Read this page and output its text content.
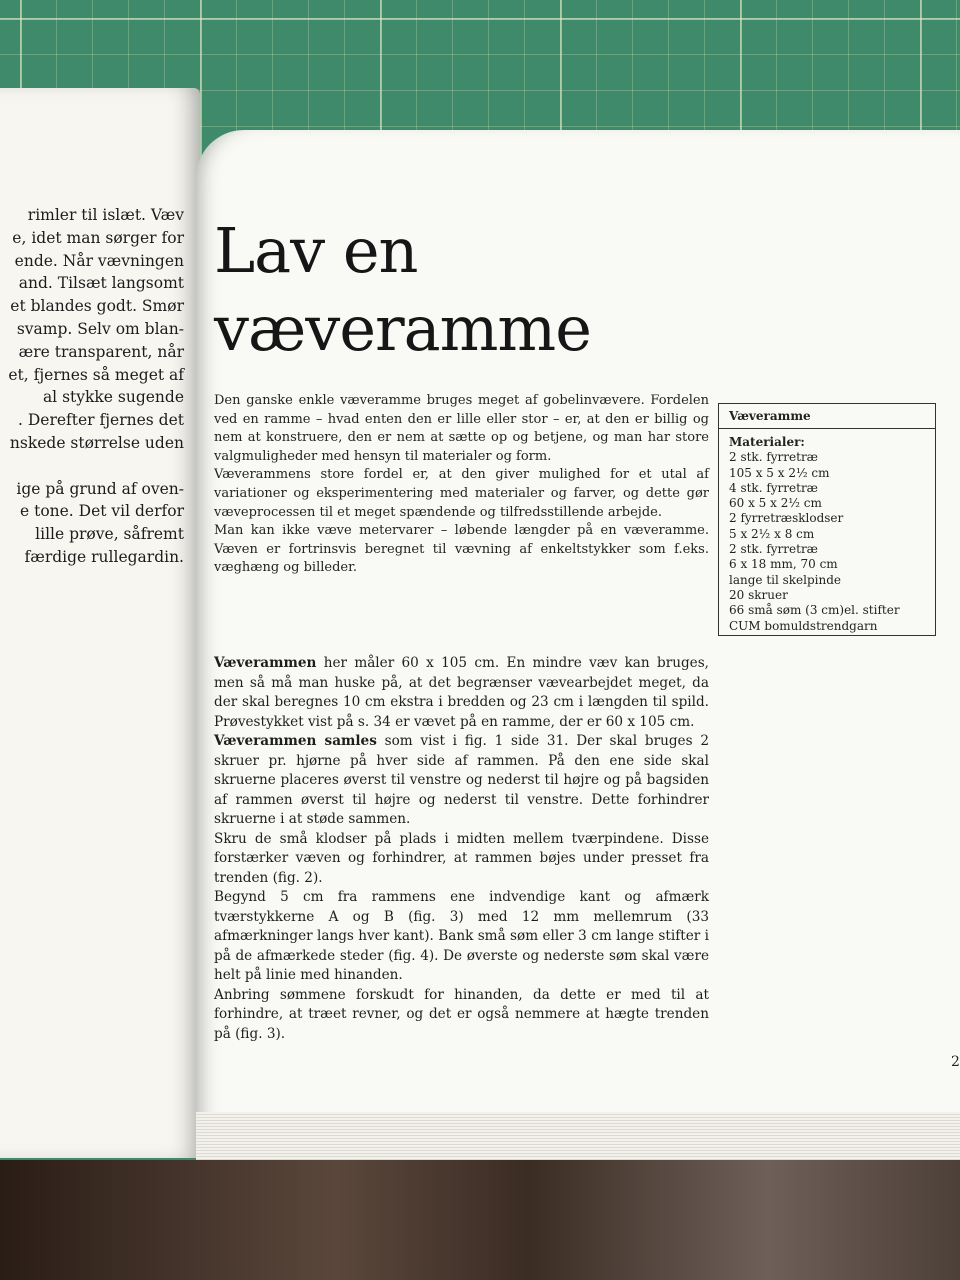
rimler til islæt. Væv
e, idet man sørger for
ende. Når vævningen
and. Tilsæt langsomt
et blandes godt. Smør
svamp. Selv om blan-
ære transparent, når
et, fjernes så meget af
al stykke sugende
. Derefter fjernes det
nskede størrelse uden

ige på grund af oven-
e tone. Det vil derfor
lille prøve, såfremt
færdige rullegardin.
Lav en
væveramme

Den ganske enkle væveramme bruges meget af gobelinvævere. Fordelen ved en ramme – hvad enten den er lille eller stor – er, at den er billig og nem at konstruere, den er nem at sætte op og betjene, og man har store valgmuligheder med hensyn til materialer og form.

Væverammens store fordel er, at den giver mulighed for et utal af variationer og eksperimentering med materialer og farver, og dette gør væveprocessen til et meget spændende og tilfredsstillende arbejde.

Man kan ikke væve metervarer – løbende længder på en væveramme. Væven er fortrinsvis beregnet til vævning af enkeltstykker som f.eks. væghæng og billeder.

Væveramme
Materialer:
2 stk. fyrretræ
105 x 5 x 2½ cm
4 stk. fyrretræ
60 x 5 x 2½ cm
2 fyrretræsklodser
5 x 2½ x 8 cm
2 stk. fyrretræ
6 x 18 mm, 70 cm
lange til skelpinde
20 skruer
66 små søm (3 cm)el. stifter
CUM bomuldstrendgarn

Væverammen her måler 60 x 105 cm. En mindre væv kan bruges, men så må man huske på, at det begrænser vævearbejdet meget, da der skal beregnes 10 cm ekstra i bredden og 23 cm i længden til spild. Prøvestykket vist på s. 34 er vævet på en ramme, der er 60 x 105 cm.

Væverammen samles som vist i fig. 1 side 31. Der skal bruges 2 skruer pr. hjørne på hver side af rammen. På den ene side skal skruerne placeres øverst til venstre og nederst til højre og på bagsiden af rammen øverst til højre og nederst til venstre. Dette forhindrer skruerne i at støde sammen.

Skru de små klodser på plads i midten mellem tværpindene. Disse forstærker væven og forhindrer, at rammen bøjes under presset fra trenden (fig. 2).

Begynd 5 cm fra rammens ene indvendige kant og afmærk tværstykkerne A og B (fig. 3) med 12 mm mellemrum (33 afmærkninger langs hver kant). Bank små søm eller 3 cm lange stifter i på de afmærkede steder (fig. 4). De øverste og nederste søm skal være helt på linie med hinanden.

Anbring sømmene forskudt for hinanden, da dette er med til at forhindre, at træet revner, og det er også nemmere at hægte trenden på (fig. 3).

2
